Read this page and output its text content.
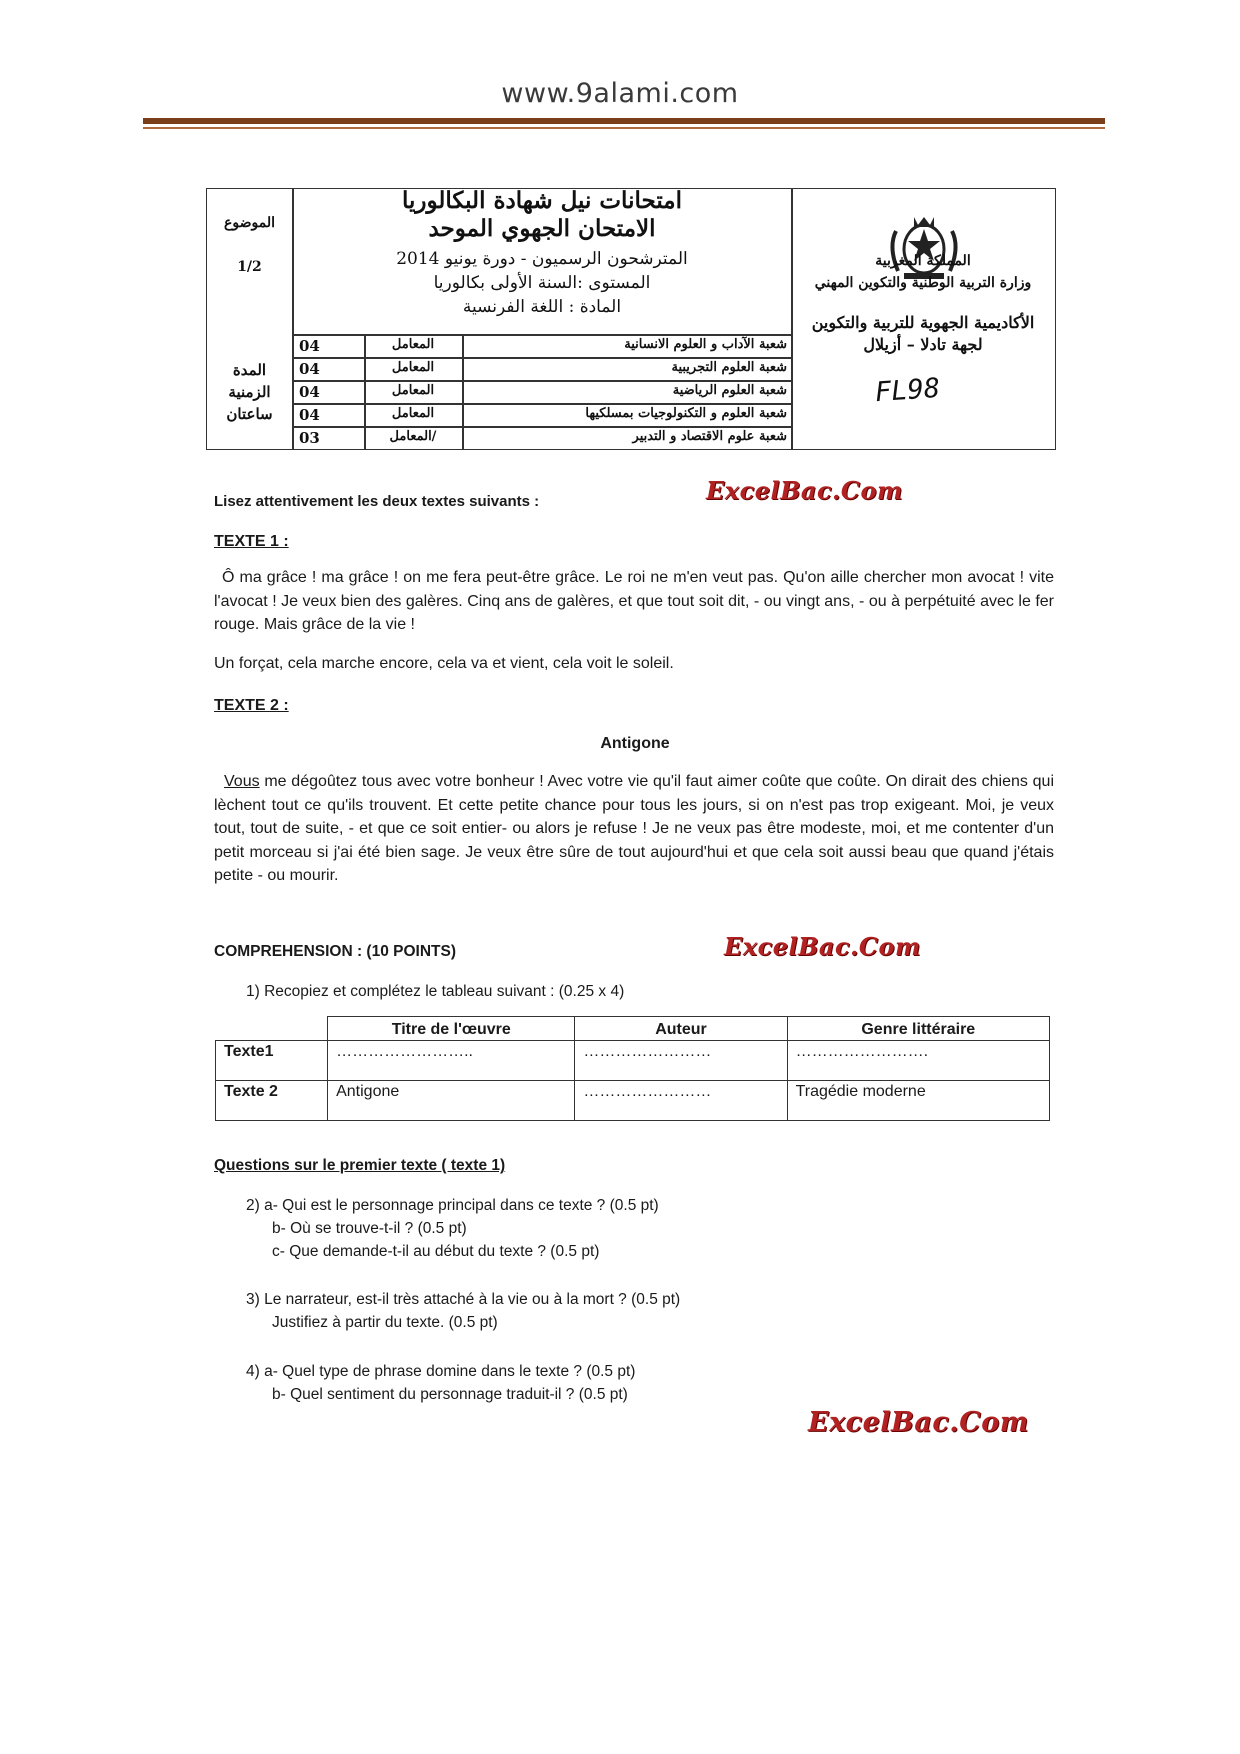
www.9alami.com
الموضوع
1/2
المدة
الزمنية
ساعتان
امتحانات نيل شهادة البكالوريا
الامتحان الجهوي الموحد
المترشحون الرسميون - دورة يونيو 2014
المستوى :السنة الأولى بكالوريا
المادة : اللغة الفرنسية
04	المعامل	شعبة الآداب و العلوم الانسانية
04	المعامل	شعبة العلوم التجريبية
04	المعامل	شعبة العلوم الرياضية
04	المعامل	شعبة العلوم و التكنولوجيات بمسلكيها
03	/المعامل	شعبة علوم الاقتصاد و التدبير
المملكة المغربية
وزارة التربية الوطنية والتكوين المهني
الأكاديمية الجهوية للتربية والتكوين
لجهة تادلا – أزيلال
FL98
ExcelBac.Com
ExcelBac.Com
ExcelBac.Com
Lisez attentivement les deux textes suivants :
TEXTE 1 :
Ô ma grâce ! ma grâce ! on me fera peut-être grâce. Le roi ne m'en veut pas. Qu'on aille chercher mon avocat ! vite l'avocat ! Je veux bien des galères. Cinq ans de galères, et que tout soit dit, - ou vingt ans, - ou à perpétuité avec le fer rouge. Mais grâce de la vie !
Un forçat, cela marche encore, cela va et vient, cela voit le soleil.
TEXTE 2 :
Antigone
Vous me dégoûtez tous avec votre bonheur ! Avec votre vie qu'il faut aimer coûte que coûte. On dirait des chiens qui lèchent tout ce qu'ils trouvent. Et cette petite chance pour tous les jours, si on n'est pas trop exigeant. Moi, je veux tout, tout de suite, - et que ce soit entier- ou alors je refuse ! Je ne veux pas être modeste, moi, et me contenter d'un petit morceau si j'ai été bien sage. Je veux être sûre de tout aujourd'hui et que cela soit aussi beau que quand j'étais petite - ou mourir.
COMPREHENSION : (10 POINTS)
1) Recopiez et complétez le tableau suivant : (0.25 x 4)
	Titre de l'œuvre	Auteur	Genre littéraire
Texte1	……………………..	……………………	…………………….
Texte 2	Antigone	……………………	Tragédie moderne
Questions sur le premier texte ( texte 1)
2) a- Qui est le personnage principal dans ce texte ? (0.5 pt)
b- Où se trouve-t-il ? (0.5 pt)
c- Que demande-t-il au début du texte ? (0.5 pt)
3) Le narrateur, est-il très attaché à la vie ou à la mort ? (0.5 pt)
Justifiez à partir du texte. (0.5 pt)
4) a- Quel type de phrase domine dans le texte ? (0.5 pt)
b- Quel sentiment du personnage traduit-il ? (0.5 pt)
